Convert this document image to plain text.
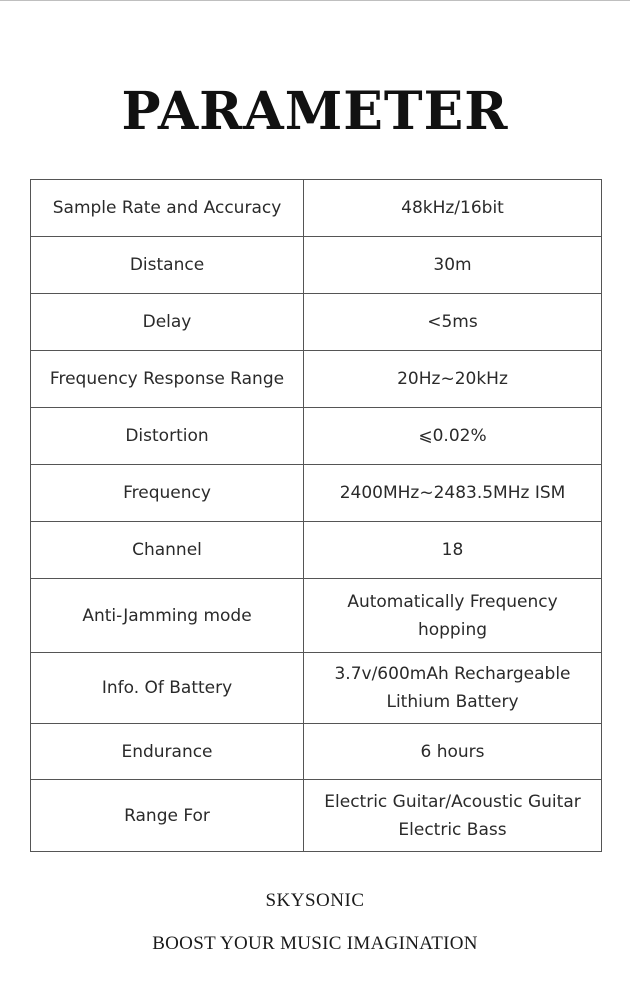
PARAMETER
Sample Rate and Accuracy	48kHz/16bit
Distance	30m
Delay	<5ms
Frequency Response Range	20Hz~20kHz
Distortion	⩽0.02%
Frequency	2400MHz~2483.5MHz ISM
Channel	18
Anti-Jamming mode	Automatically Frequency hopping

Info. Of Battery	3.7v/600mAh Rechargeable Lithium Battery

Endurance	6 hours
Range For	Electric Guitar/Acoustic Guitar Electric Bass
SKYSONIC
BOOST YOUR MUSIC IMAGINATION
